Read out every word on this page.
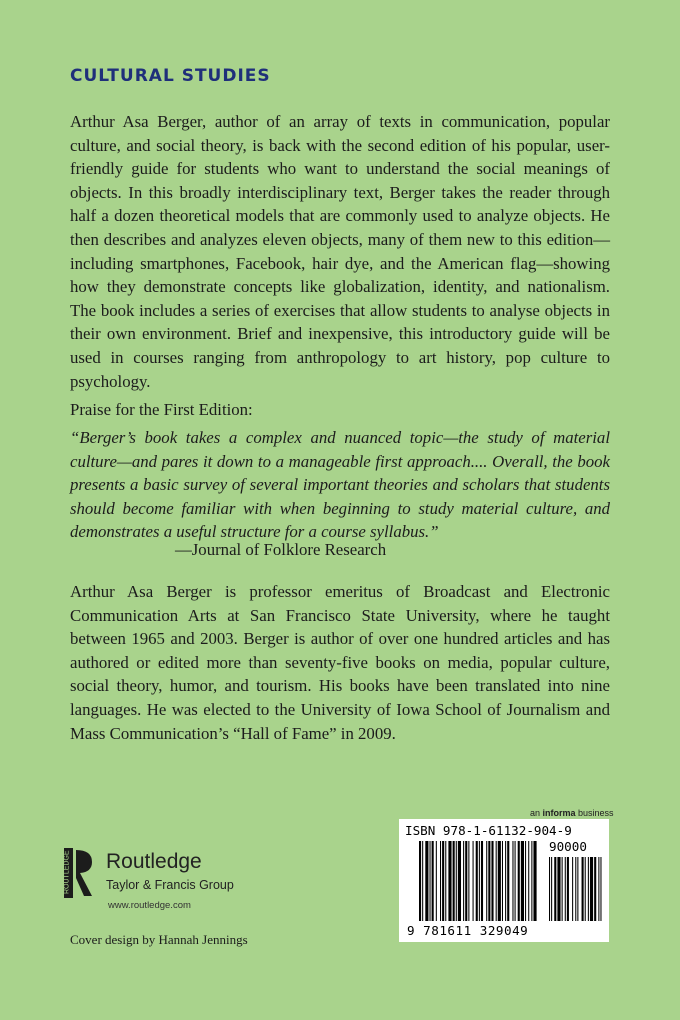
CULTURAL STUDIES

Arthur Asa Berger, author of an array of texts in communication, popular culture, and social theory, is back with the second edition of his popular, user-friendly guide for students who want to understand the social meanings of objects. In this broadly interdisciplinary text, Berger takes the reader through half a dozen theoretical models that are commonly used to analyze objects. He then describes and analyzes eleven objects, many of them new to this edition—including smartphones, Facebook, hair dye, and the American flag—showing how they demonstrate concepts like globalization, identity, and nationalism. The book includes a series of exercises that allow students to analyse objects in their own environment. Brief and inexpensive, this introductory guide will be used in courses ranging from anthropology to art history, pop culture to psychology.

Praise for the First Edition:

“Berger’s book takes a complex and nuanced topic—the study of material culture—and pares it down to a manageable first approach.... Overall, the book presents a basic survey of several important theories and scholars that students should become familiar with when beginning to study material culture, and demonstrates a useful structure for a course syllabus.”

—Journal of Folklore Research

Arthur Asa Berger is professor emeritus of Broadcast and Electronic Communication Arts at San Francisco State University, where he taught between 1965 and 2003. Berger is author of over one hundred articles and has authored or edited more than seventy-five books on media, popular culture, social theory, humor, and tourism. His books have been translated into nine languages. He was elected to the University of Iowa School of Journalism and Mass Communication’s “Hall of Fame” in 2009.

ROUTLEDGE Routledge
Taylor & Francis Group
www.routledge.com
Cover design by Hannah Jennings
an informa business
ISBN 978-1-61132-904-9
90000
9 781611 329049
